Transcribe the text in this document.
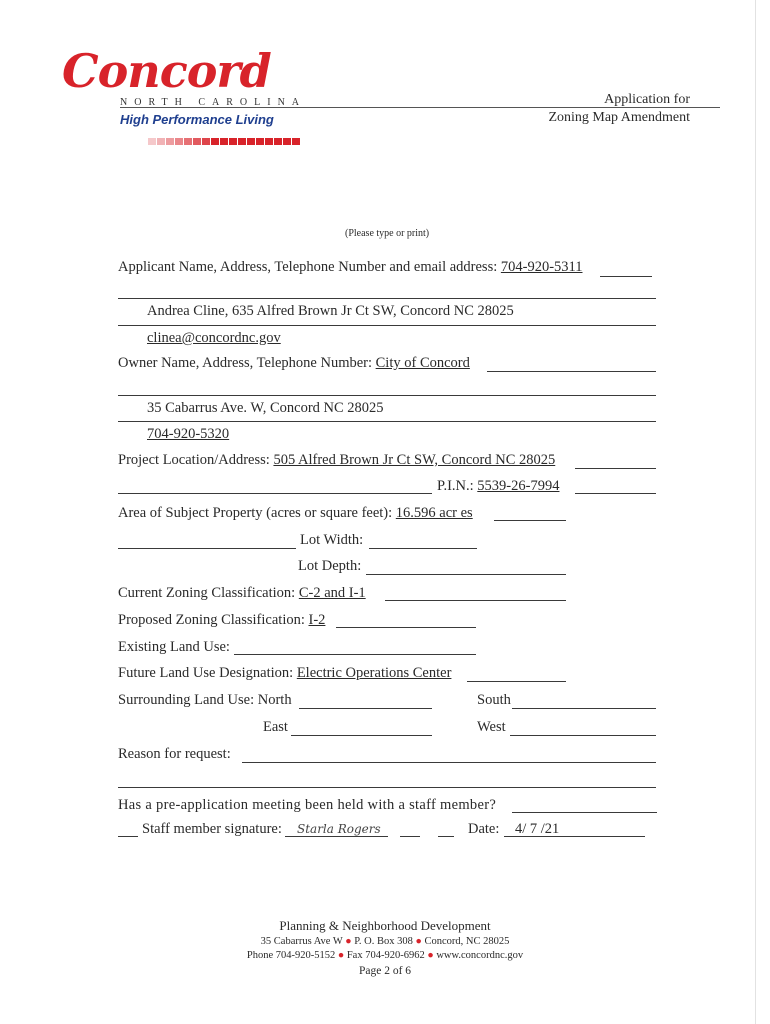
Concord
NORTH CAROLINA
High Performance Living
Application for
Zoning Map Amendment
(Please type or print)
Applicant Name, Address, Telephone Number and email address: 704-920-5311
Andrea Cline, 635 Alfred Brown Jr Ct SW, Concord NC 28025
clinea@concordnc.gov
Owner Name, Address, Telephone Number: City of Concord
35 Cabarrus Ave. W, Concord NC 28025
704-920-5320
Project Location/Address: 505 Alfred Brown Jr Ct SW, Concord NC 28025
P.I.N.: 5539-26-7994
Area of Subject Property (acres or square feet): 16.596 acr es
Lot Width:
Lot Depth:
Current Zoning Classification: C-2 and I-1
Proposed Zoning Classification: I-2
Existing Land Use:
Future Land Use Designation: Electric Operations Center
Surrounding Land Use: North	South
East	West
Reason for request:
Has a pre-application meeting been held with a staff member?
Staff member signature: Starla Rogers	Date: 4/ 7 /21
Planning & Neighborhood Development
35 Cabarrus Ave W ● P. O. Box 308 ● Concord, NC 28025
Phone 704-920-5152 ● Fax 704-920-6962 ● www.concordnc.gov
Page 2 of 6
